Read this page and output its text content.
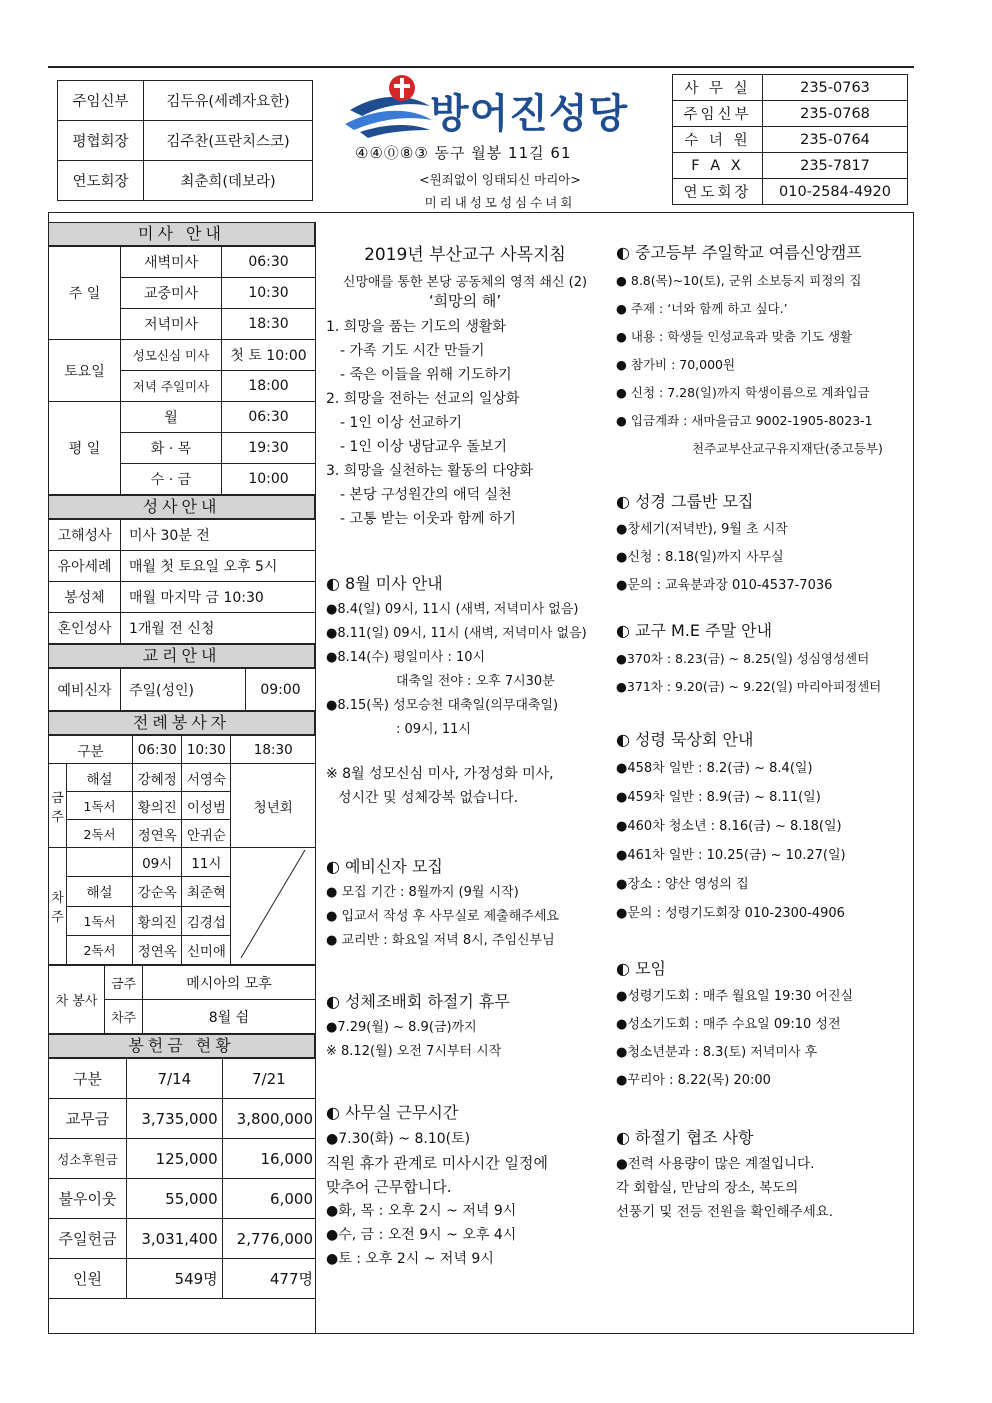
주임신부	김두유(세례자요한)
평협회장	김주찬(프란치스코)
연도회장	최춘희(데보라)
방어진성당
④④⓪⑧③ 동구 월봉 11길 61
<원죄없이 잉태되신 마리아>
미리내성모성심수녀회
사 무 실	235-0763
주임신부	235-0768
수 녀 원	235-0764
F A X	235-7817
연도회장	010-2584-4920
미사 안내
주 일	새벽미사	06:30
	교중미사	10:30
	저녁미사	18:30
토요일	성모신심 미사	첫 토 10:00
	저녁 주일미사	18:00
평 일	월	06:30
	화 · 목	19:30
	수 · 금	10:00
성사안내
고해성사	미사 30분 전
유아세례	매월 첫 토요일 오후 5시
봉성체	매월 마지막 금 10:30
혼인성사	1개월 전 신청
교리안내
예비신자	주일(성인)	09:00
전례봉사자
구분		06:30	10:30	18:30
금주	해설	강혜정	서영숙	청년회
	1독서	황의진	이성범	
	2독서	정연옥	안귀순	
차주		09시	11시	
	해설	강순옥	최준혁	
	1독서	황의진	김경섭	
	2독서	정연옥	신미애	
차 봉사	금주	메시아의 모후
	차주	8월 쉼
봉헌금 현황
구분	7/14	7/21
교무금	3,735,000	3,800,000
성소후원금	125,000	16,000
불우이웃	55,000	6,000
주일헌금	3,031,400	2,776,000
인원	549명	477명
2019년 부산교구 사목지침
신망애를 통한 본당 공동체의 영적 쇄신 (2)
‘희망의 해’
1. 희망을 품는 기도의 생활화
- 가족 기도 시간 만들기
- 죽은 이들을 위해 기도하기
2. 희망을 전하는 선교의 일상화
- 1인 이상 선교하기
- 1인 이상 냉담교우 돌보기
3. 희망을 실천하는 활동의 다양화
- 본당 구성원간의 애덕 실천
- 고통 받는 이웃과 함께 하기
◐ 8월 미사 안내
●8.4(일) 09시, 11시 (새벽, 저녁미사 없음)
●8.11(일) 09시, 11시 (새벽, 저녁미사 없음)
●8.14(수) 평일미사 : 10시
대축일 전야 : 오후 7시30분
●8.15(목) 성모승천 대축일(의무대축일)
: 09시, 11시
※ 8월 성모신심 미사, 가정성화 미사,
성시간 및 성체강복 없습니다.
◐ 예비신자 모집
● 모집 기간 : 8월까지 (9월 시작)
● 입교서 작성 후 사무실로 제출해주세요
● 교리반 : 화요일 저녁 8시, 주임신부님
◐ 성체조배회 하절기 휴무
●7.29(월) ~ 8.9(금)까지
※ 8.12(월) 오전 7시부터 시작
◐ 사무실 근무시간
●7.30(화) ~ 8.10(토)
직원 휴가 관계로 미사시간 일정에
맞추어 근무합니다.
●화, 목 : 오후 2시 ~ 저녁 9시
●수, 금 : 오전 9시 ~ 오후 4시
●토 : 오후 2시 ~ 저녁 9시
◐ 중고등부 주일학교 여름신앙캠프
● 8.8(목)~10(토), 군위 소보등지 피정의 집
● 주제 : ‘너와 함께 하고 싶다.’
● 내용 : 학생들 인성교육과 맞춤 기도 생활
● 참가비 : 70,000원
● 신청 : 7.28(일)까지 학생이름으로 계좌입금
● 입금계좌 : 새마을금고 9002-1905-8023-1
천주교부산교구유지재단(중고등부)
◐ 성경 그룹반 모집
●창세기(저녁반), 9월 초 시작
●신청 : 8.18(일)까지 사무실
●문의 : 교육분과장 010-4537-7036
◐ 교구 M.E 주말 안내
●370차 : 8.23(금) ~ 8.25(일) 성심영성센터
●371차 : 9.20(금) ~ 9.22(일) 마리아피정센터
◐ 성령 묵상회 안내
●458차 일반 : 8.2(금) ~ 8.4(일)
●459차 일반 : 8.9(금) ~ 8.11(일)
●460차 청소년 : 8.16(금) ~ 8.18(일)
●461차 일반 : 10.25(금) ~ 10.27(일)
●장소 : 양산 영성의 집
●문의 : 성령기도회장 010-2300-4906
◐ 모임
●성령기도회 : 매주 월요일 19:30 어진실
●성소기도회 : 매주 수요일 09:10 성전
●청소년분과 : 8.3(토) 저녁미사 후
●꾸리아 : 8.22(목) 20:00
◐ 하절기 협조 사항
●전력 사용량이 많은 계절입니다.
각 회합실, 만남의 장소, 복도의
선풍기 및 전등 전원을 확인해주세요.
